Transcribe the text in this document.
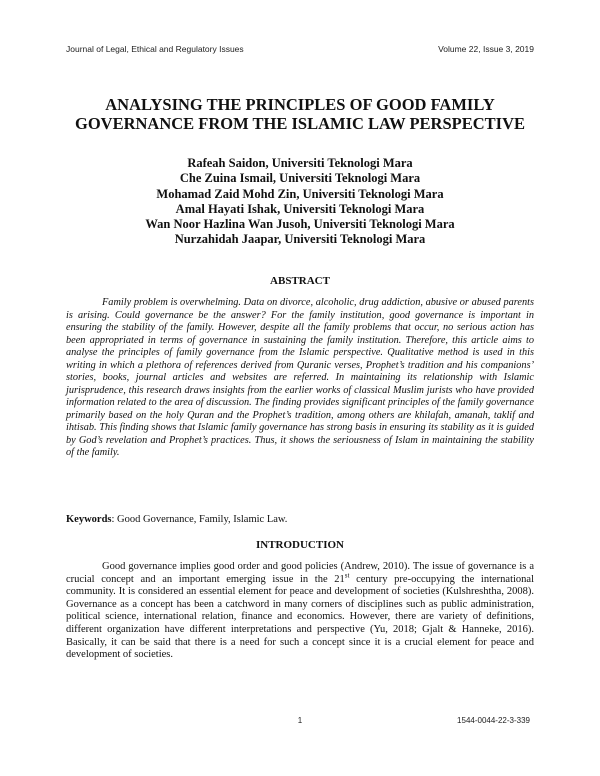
Journal of Legal, Ethical and Regulatory Issues	Volume 22, Issue 3, 2019
ANALYSING THE PRINCIPLES OF GOOD FAMILY GOVERNANCE FROM THE ISLAMIC LAW PERSPECTIVE
Rafeah Saidon, Universiti Teknologi Mara
Che Zuina Ismail, Universiti Teknologi Mara
Mohamad Zaid Mohd Zin, Universiti Teknologi Mara
Amal Hayati Ishak, Universiti Teknologi Mara
Wan Noor Hazlina Wan Jusoh, Universiti Teknologi Mara
Nurzahidah Jaapar, Universiti Teknologi Mara
ABSTRACT

Family problem is overwhelming. Data on divorce, alcoholic, drug addiction, abusive or abused parents is arising. Could governance be the answer? For the family institution, good governance is important in ensuring the stability of the family. However, despite all the family problems that occur, no serious action has been appropriated in terms of governance in sustaining the family institution. Therefore, this article aims to analyse the principles of family governance from the Islamic perspective. Qualitative method is used in this writing in which a plethora of references derived from Quranic verses, Prophet’s tradition and his companions’ stories, books, journal articles and websites are referred. In maintaining its relationship with Islamic jurisprudence, this research draws insights from the earlier works of classical Muslim jurists who have provided information related to the area of discussion. The finding provides significant principles of the family governance primarily based on the holy Quran and the Prophet’s tradition, among others are khilafah, amanah, taklif and ihtisab. This finding shows that Islamic family governance has strong basis in ensuring its stability as it is guided by God’s revelation and Prophet’s practices. Thus, it shows the seriousness of Islam in maintaining the stability of the family.

Keywords: Good Governance, Family, Islamic Law.
INTRODUCTION

Good governance implies good order and good policies (Andrew, 2010). The issue of governance is a crucial concept and an important emerging issue in the 21st century pre-occupying the international community. It is considered an essential element for peace and development of societies (Kulshreshtha, 2008). Governance as a concept has been a catchword in many corners of disciplines such as public administration, political science, international relation, finance and economics. However, there are variety of definitions, different organization have different interpretations and perspective (Yu, 2018; Gjalt & Hanneke, 2016). Basically, it can be said that there is a need for such a concept since it is a crucial element for peace and development of societies.

1	1544-0044-22-3-339
